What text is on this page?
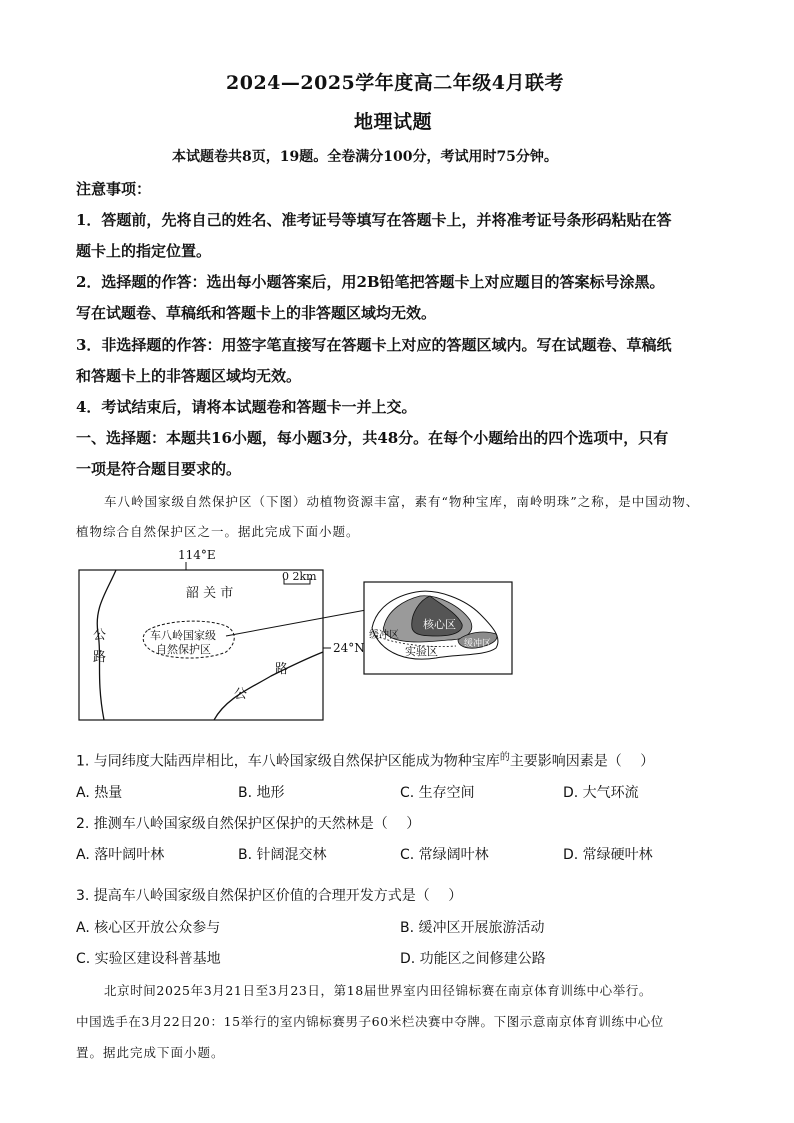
2024—2025学年度高二年级4月联考
地理试题
本试题卷共8页，19题。全卷满分100分，考试用时75分钟。
注意事项：
1．答题前，先将自己的姓名、准考证号等填写在答题卡上，并将准考证号条形码粘贴在答
题卡上的指定位置。
2．选择题的作答：选出每小题答案后，用2B铅笔把答题卡上对应题目的答案标号涂黑。
写在试题卷、草稿纸和答题卡上的非答题区域均无效。
3．非选择题的作答：用签字笔直接写在答题卡上对应的答题区域内。写在试题卷、草稿纸
和答题卡上的非答题区域均无效。
4．考试结束后，请将本试题卷和答题卡一并上交。
一、选择题：本题共16小题，每小题3分，共48分。在每个小题给出的四个选项中，只有
一项是符合题目要求的。
车八岭国家级自然保护区（下图）动植物资源丰富，素有“物种宝库，南岭明珠”之称，是中国动物、
植物综合自然保护区之一。据此完成下面小题。
114°E
24°N
韶 关 市
0 2km
公
路
路
公
车八岭国家级
自然保护区
核心区
缓冲区
实验区
缓冲区
1. 与同纬度大陆西岸相比，车八岭国家级自然保护区能成为物种宝库$^的$主要影响因素是（　 ）
A. 热量	B. 地形	C. 生存空间	D. 大气环流
2. 推测车八岭国家级自然保护区保护的天然林是（　 ）
A. 落叶阔叶林	B. 针阔混交林	C. 常绿阔叶林	D. 常绿硬叶林
3. 提高车八岭国家级自然保护区价值的合理开发方式是（　 ）
A. 核心区开放公众参与	B. 缓冲区开展旅游活动
C. 实验区建设科普基地	D. 功能区之间修建公路
北京时间2025年3月21日至3月23日，第18届世界室内田径锦标赛在南京体育训练中心举行。
中国选手在3月22日20：15举行的室内锦标赛男子60米栏决赛中夺牌。下图示意南京体育训练中心位
置。据此完成下面小题。
